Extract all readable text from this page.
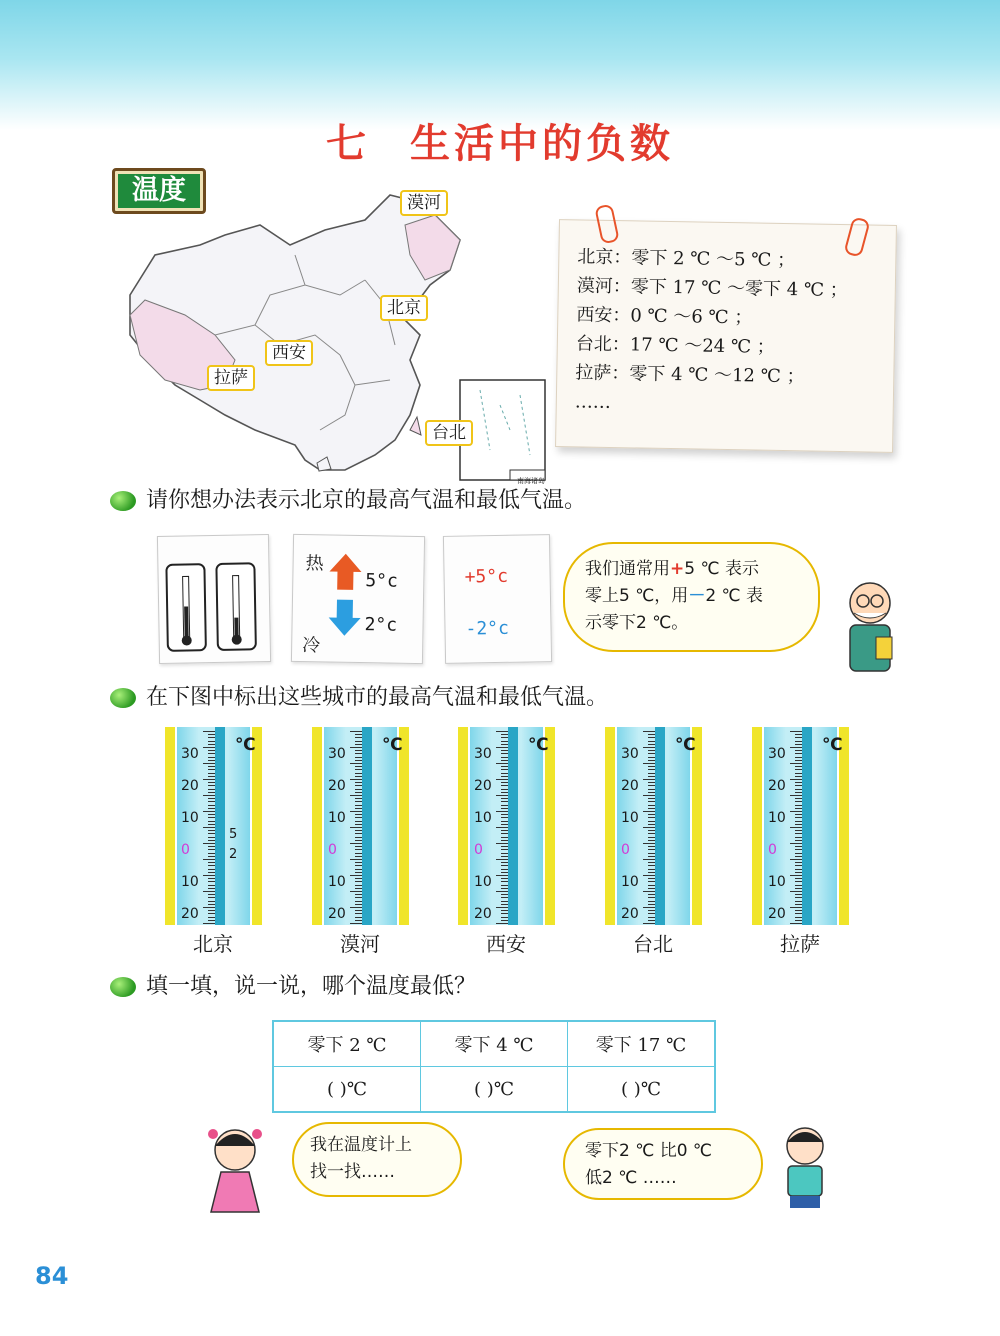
七 生活中的负数
温度	漠河
北京
西安
拉萨
台北
南海诸岛
北京：零下 2 ℃ ～5 ℃ ；
漠河：零下 17 ℃ ～零下 4 ℃ ；
西安：0 ℃ ～6 ℃ ；
台北：17 ℃ ～24 ℃ ；
拉萨：零下 4 ℃ ～12 ℃ ；
……
请你想办法表示北京的最高气温和最低气温。
热
5°c
2°c
冷
+5°c
-2°c
我们通常用+5 ℃ 表示
零上5 ℃，用－2 ℃ 表
示零下2 ℃。
在下图中标出这些城市的最高气温和最低气温。
℃
30
20
10
0
10
20
5
2
北京
℃
30
20
10
0
10
20
漠河
℃
30
20
10
0
10
20
西安
℃
30
20
10
0
10
20
台北
℃
30
20
10
0
10
20
拉萨
填一填，说一说，哪个温度最低？
零下 2 ℃	零下 4 ℃	零下 17 ℃
( )℃	( )℃	( )℃
我在温度计上
找一找……
零下2 ℃ 比0 ℃
低2 ℃ ……
84
